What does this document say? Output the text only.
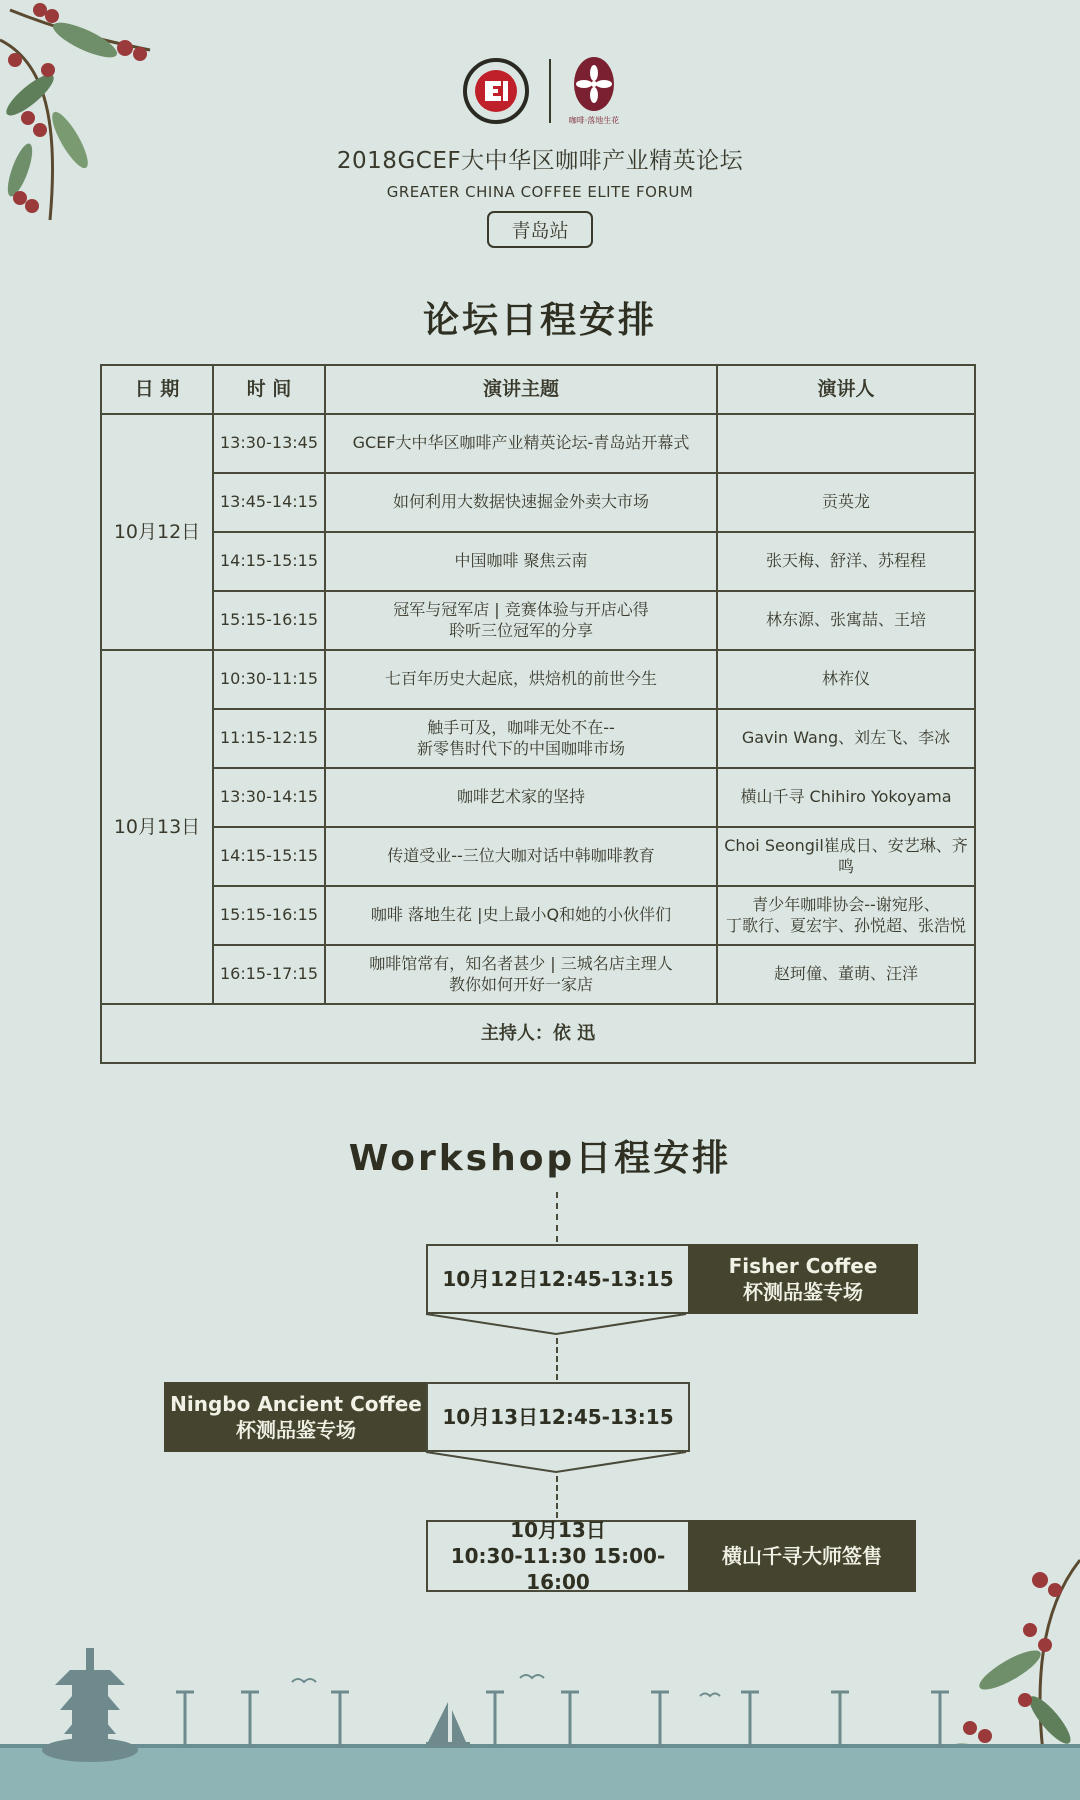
咖啡·落地生花
2018GCEF大中华区咖啡产业精英论坛
GREATER CHINA COFFEE ELITE FORUM
青岛站
论坛日程安排
日 期	时 间	演讲主题	演讲人
10月12日	13:30-13:45	GCEF大中华区咖啡产业精英论坛-青岛站开幕式	

	13:45-14:15	如何利用大数据快速掘金外卖大市场	贡英龙

	14:15-15:15	中国咖啡 聚焦云南	张天梅、舒洋、苏程程

	15:15-16:15	冠军与冠军店 | 竞赛体验与开店心得
聆听三位冠军的分享	林东源、张寓喆、王培

10月13日	10:30-11:15	七百年历史大起底，烘焙机的前世今生	林祚仪

	11:15-12:15	触手可及，咖啡无处不在--
新零售时代下的中国咖啡市场	Gavin Wang、刘左飞、李冰

	13:30-14:15	咖啡艺术家的坚持	横山千寻 Chihiro Yokoyama

	14:15-15:15	传道受业--三位大咖对话中韩咖啡教育	Choi Seongil崔成日、安艺琳、齐鸣

	15:15-16:15	咖啡 落地生花 |史上最小Q和她的小伙伴们	青少年咖啡协会--谢宛彤、
丁歌行、夏宏宇、孙悦超、张浩悦

	16:15-17:15	咖啡馆常有，知名者甚少 | 三城名店主理人
教你如何开好一家店	赵珂僮、董萌、汪洋

主持人：依 迅			
Workshop日程安排
10月12日12:45-13:15
Fisher Coffee
杯测品鉴专场
Ningbo Ancient Coffee
杯测品鉴专场
10月13日12:45-13:15
10月13日
10:30-11:30 15:00-16:00
横山千寻大师签售
